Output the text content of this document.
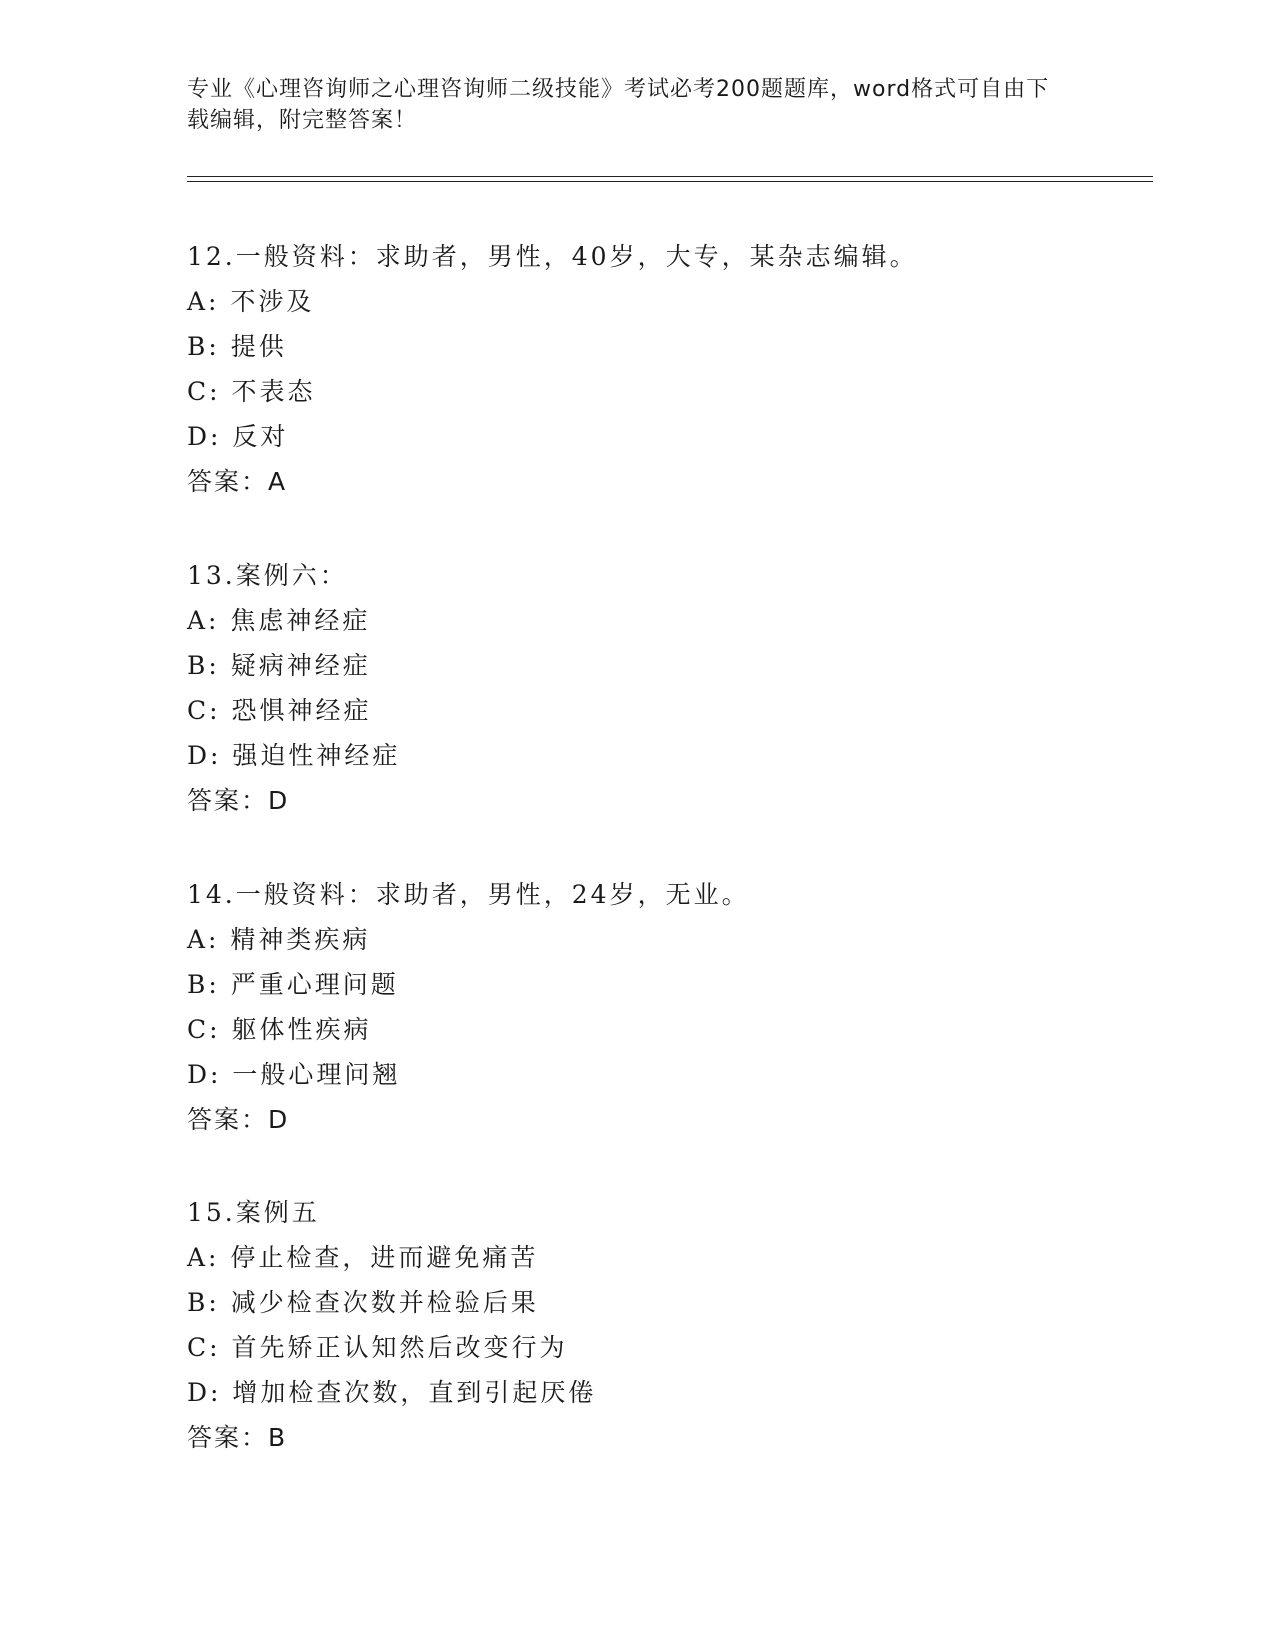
专业《心理咨询师之心理咨询师二级技能》考试必考200题题库，word格式可自由下载编辑，附完整答案！
12.一般资料：求助者，男性，40岁，大专，某杂志编辑。
A: 不涉及
B: 提供
C: 不表态
D: 反对
答案：A
13.案例六：
A: 焦虑神经症
B: 疑病神经症
C: 恐惧神经症
D: 强迫性神经症
答案：D
14.一般资料：求助者，男性，24岁，无业。
A: 精神类疾病
B: 严重心理问题
C: 躯体性疾病
D: 一般心理问翘
答案：D
15.案例五
A: 停止检查，进而避免痛苦
B: 减少检查次数并检验后果
C: 首先矫正认知然后改变行为
D: 增加检查次数，直到引起厌倦
答案：B
